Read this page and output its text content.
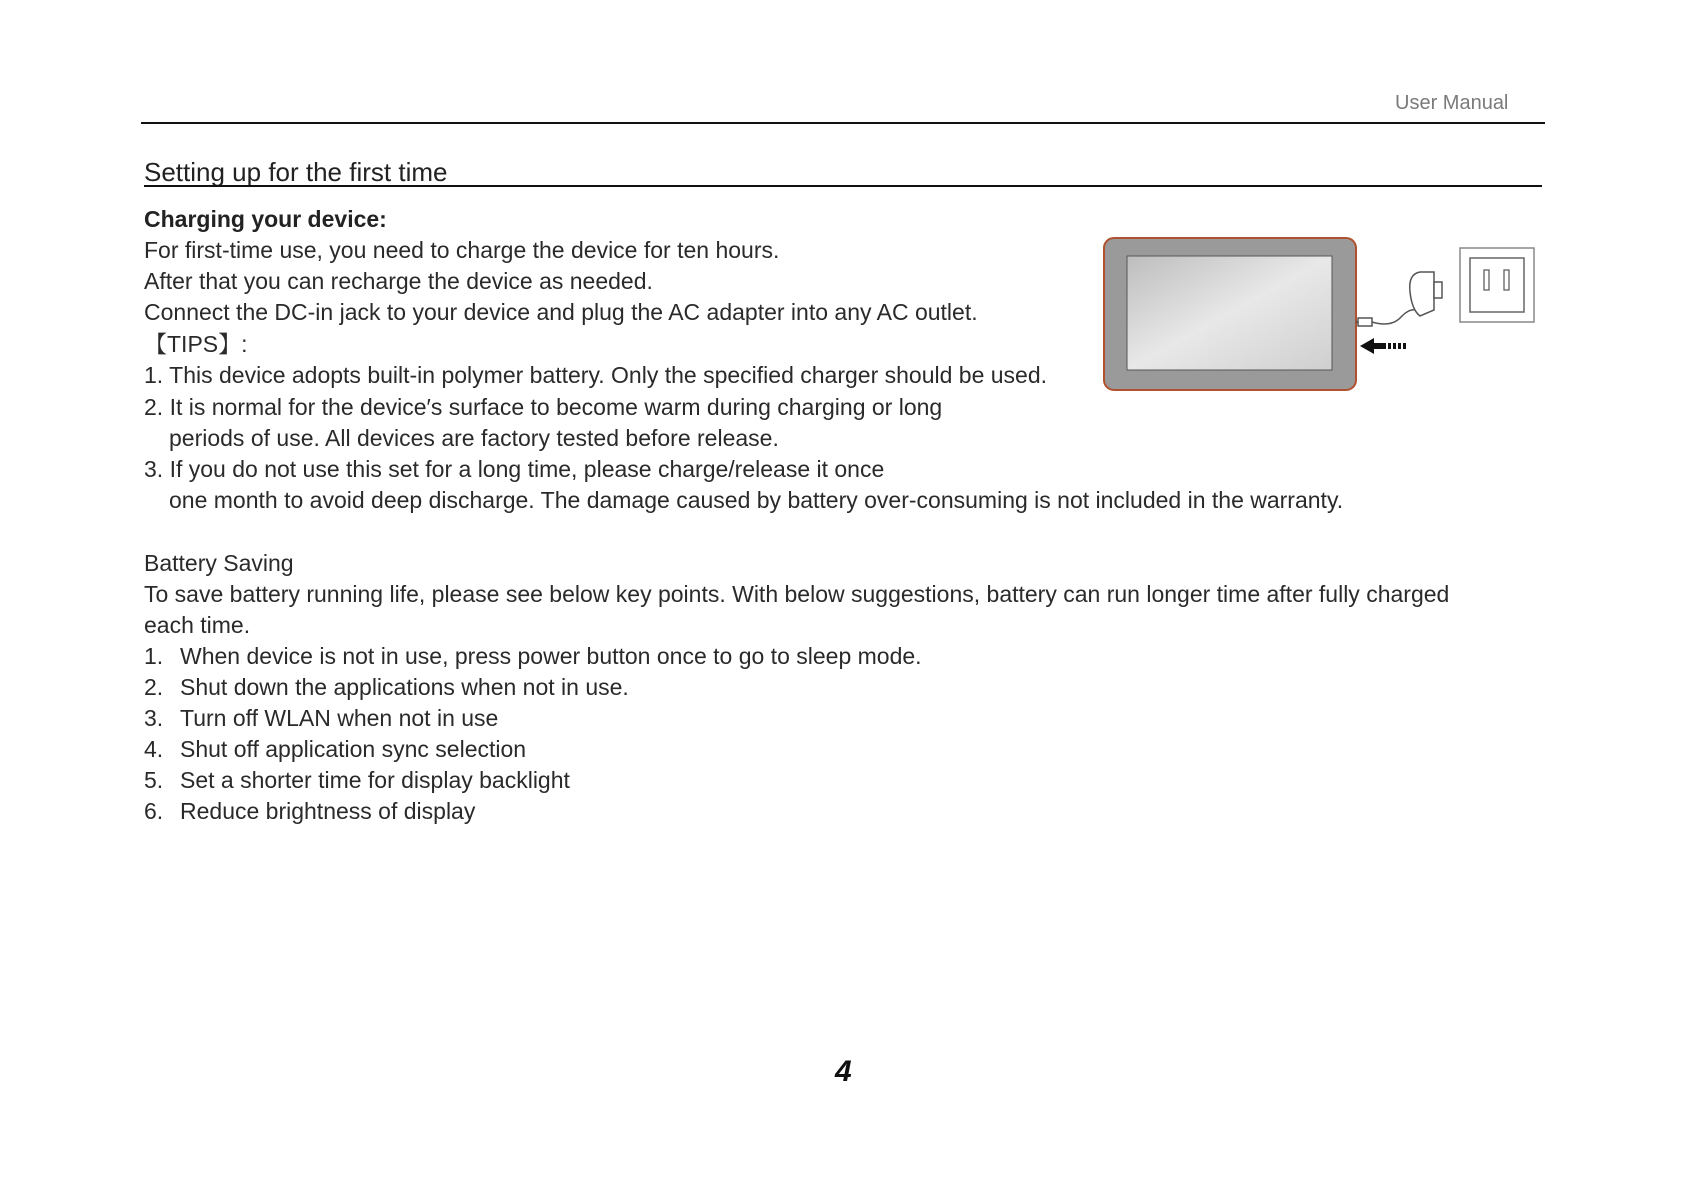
User Manual
Setting up for the first time
Charging your device:
For first-time use, you need to charge the device for ten hours.
After that you can recharge the device as needed.
Connect the DC-in jack to your device and plug the AC adapter into any AC outlet.
【TIPS】:
1. This device adopts built-in polymer battery. Only the specified charger should be used.
2. It is normal for the device′s surface to become warm during charging or long
periods of use. All devices are factory tested before release.
3. If you do not use this set for a long time, please charge/release it once
one month to avoid deep discharge. The damage caused by battery over-consuming is not included in the warranty.
Battery Saving
To save battery running life, please see below key points. With below suggestions, battery can run longer time after fully charged
each time.
1. When device is not in use, press power button once to go to sleep mode.
2. Shut down the applications when not in use.
3. Turn off WLAN when not in use
4. Shut off application sync selection
5. Set a shorter time for display backlight
6. Reduce brightness of display
4
